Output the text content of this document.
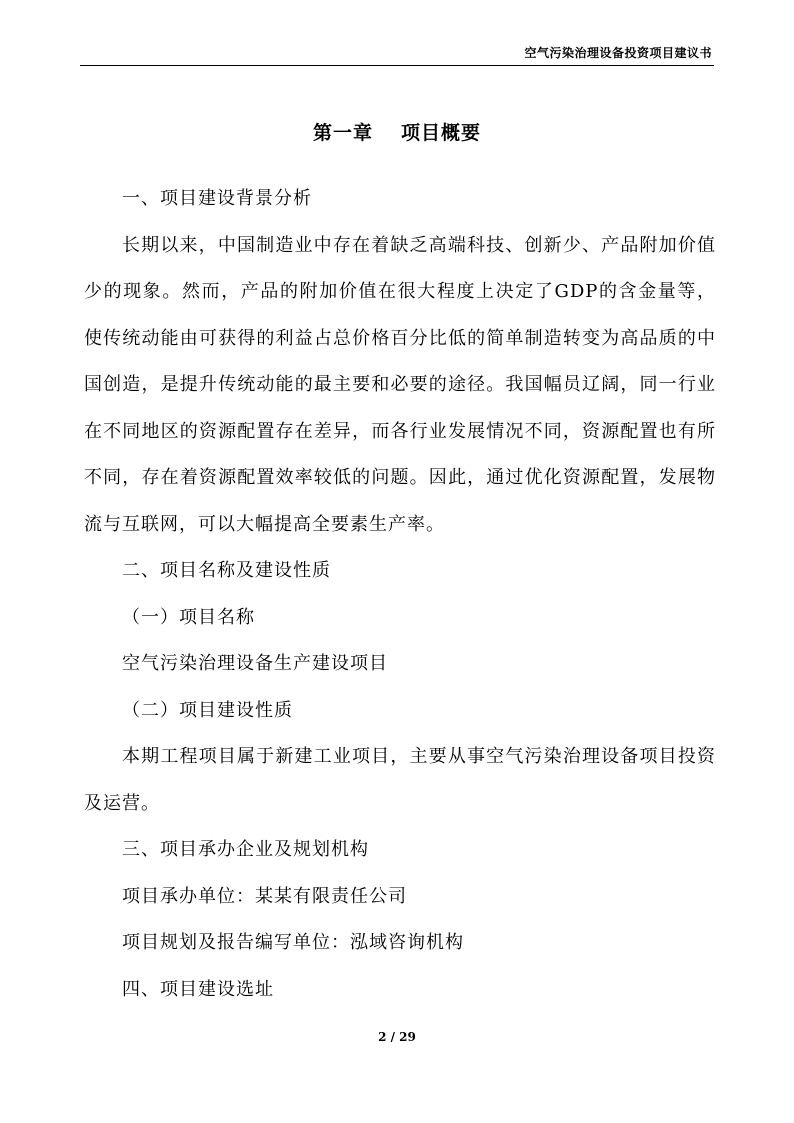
空气污染治理设备投资项目建议书
第一章 项目概要

一、项目建设背景分析

长期以来，中国制造业中存在着缺乏高端科技、创新少、产品附加价值少的现象。然而，产品的附加价值在很大程度上决定了GDP的含金量等，使传统动能由可获得的利益占总价格百分比低的简单制造转变为高品质的中国创造，是提升传统动能的最主要和必要的途径。我国幅员辽阔，同一行业在不同地区的资源配置存在差异，而各行业发展情况不同，资源配置也有所不同，存在着资源配置效率较低的问题。因此，通过优化资源配置，发展物流与互联网，可以大幅提高全要素生产率。

二、项目名称及建设性质

（一）项目名称

空气污染治理设备生产建设项目

（二）项目建设性质

本期工程项目属于新建工业项目，主要从事空气污染治理设备项目投资及运营。

三、项目承办企业及规划机构

项目承办单位：某某有限责任公司

项目规划及报告编写单位：泓域咨询机构

四、项目建设选址

2 / 29
